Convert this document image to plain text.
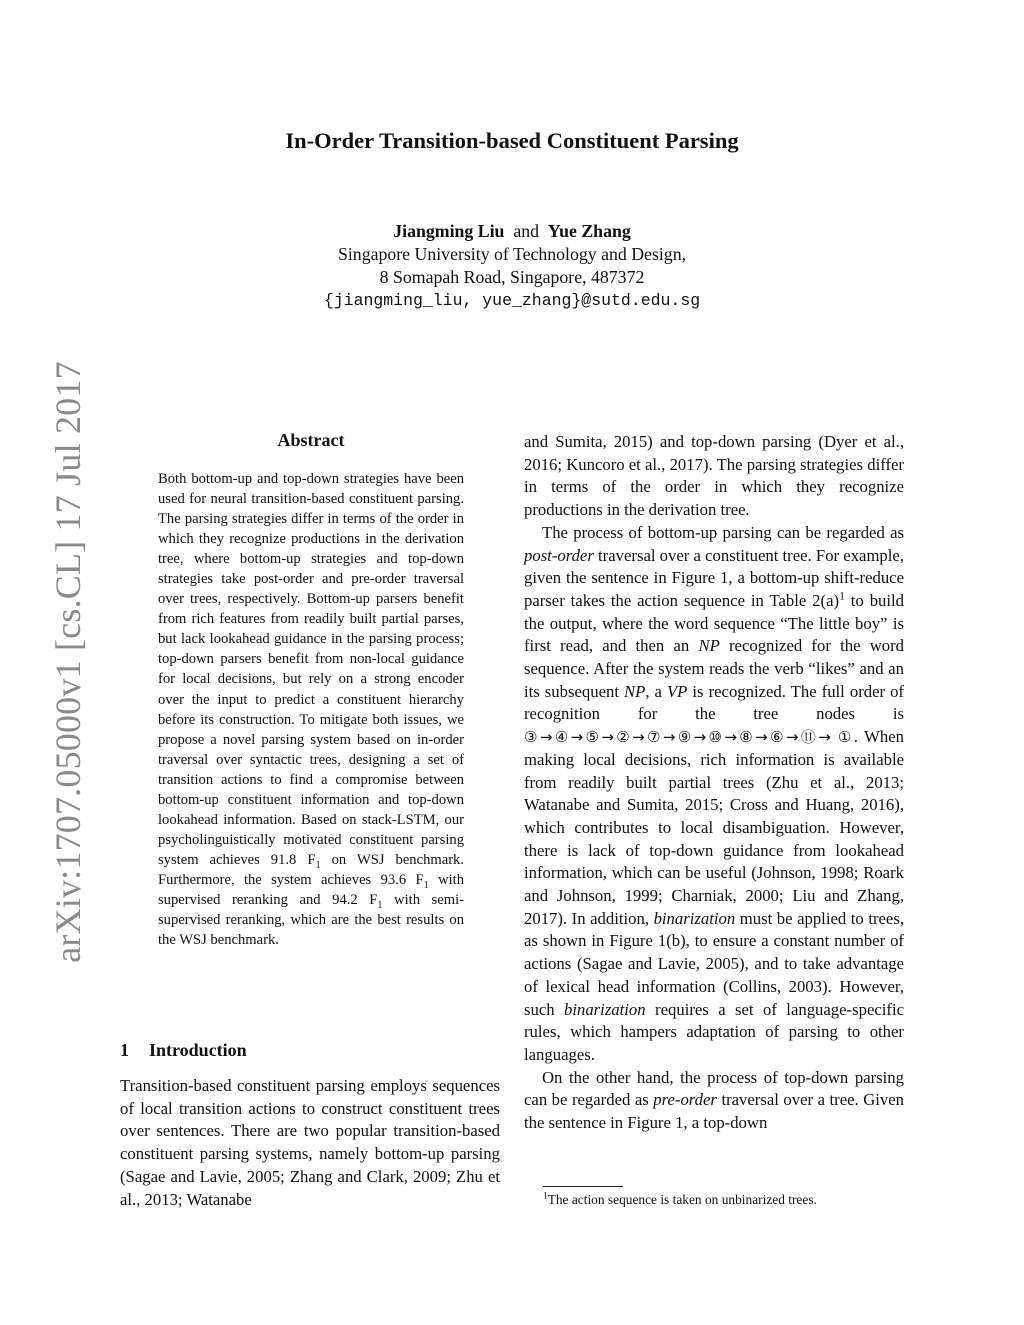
arXiv:1707.05000v1 [cs.CL] 17 Jul 2017
In-Order Transition-based Constituent Parsing
Jiangming Liu and Yue Zhang
Singapore University of Technology and Design,
8 Somapah Road, Singapore, 487372
{jiangming_liu, yue_zhang}@sutd.edu.sg
Abstract
Both bottom-up and top-down strategies have been used for neural transition-based constituent parsing. The parsing strategies differ in terms of the order in which they recognize productions in the derivation tree, where bottom-up strategies and top-down strategies take post-order and pre-order traversal over trees, respectively. Bottom-up parsers benefit from rich features from readily built partial parses, but lack lookahead guidance in the parsing process; top-down parsers benefit from non-local guidance for local decisions, but rely on a strong encoder over the input to predict a constituent hierarchy before its construction. To mitigate both issues, we propose a novel parsing system based on in-order traversal over syntactic trees, designing a set of transition actions to find a compromise between bottom-up constituent information and top-down lookahead information. Based on stack-LSTM, our psycholinguistically motivated constituent parsing system achieves 91.8 $F_1$ on WSJ benchmark. Furthermore, the system achieves 93.6 $F_1$ with supervised reranking and 94.2 $F_1$ with semi-supervised reranking, which are the best results on the WSJ benchmark.
1 Introduction
Transition-based constituent parsing employs sequences of local transition actions to construct constituent trees over sentences. There are two popular transition-based constituent parsing systems, namely bottom-up parsing (Sagae and Lavie, 2005; Zhang and Clark, 2009; Zhu et al., 2013; Watanabe

and Sumita, 2015) and top-down parsing (Dyer et al., 2016; Kuncoro et al., 2017). The parsing strategies differ in terms of the order in which they recognize productions in the derivation tree.

The process of bottom-up parsing can be regarded as post-order traversal over a constituent tree. For example, given the sentence in Figure 1, a bottom-up shift-reduce parser takes the action sequence in Table $2(a)^1$ to build the output, where the word sequence “The little boy” is first read, and then an NP recognized for the word sequence. After the system reads the verb “likes” and an its subsequent NP, a VP is recognized. The full order of recognition for the tree nodes is ③→④→⑤→②→⑦→⑨→⑩→⑧→⑥→⑪→ ①. When making local decisions, rich information is available from readily built partial trees (Zhu et al., 2013; Watanabe and Sumita, 2015; Cross and Huang, 2016), which contributes to local disambiguation. However, there is lack of top-down guidance from lookahead information, which can be useful (Johnson, 1998; Roark and Johnson, 1999; Charniak, 2000; Liu and Zhang, 2017). In addition, binarization must be applied to trees, as shown in Figure 1(b), to ensure a constant number of actions (Sagae and Lavie, 2005), and to take advantage of lexical head information (Collins, 2003). However, such binarization requires a set of language-specific rules, which hampers adaptation of parsing to other languages.

On the other hand, the process of top-down parsing can be regarded as pre-order traversal over a tree. Given the sentence in Figure 1, a top-down

$^1$The action sequence is taken on unbinarized trees.
